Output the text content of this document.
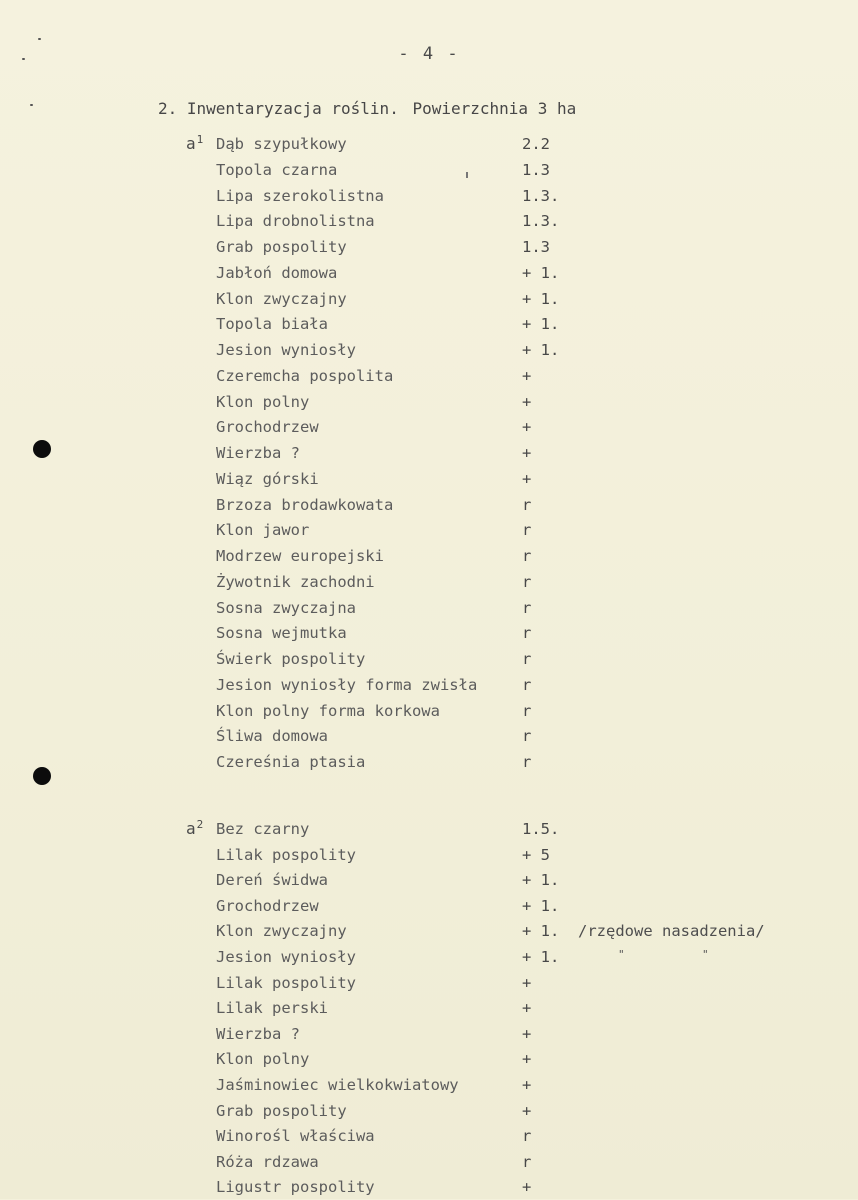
- 4 -
2. Inwentaryzacja roślin. Powierzchnia 3 ha
$a^1$
$a^2$
Dąb szypułkowy	2.2
Topola czarna	1.3
Lipa szerokolistna	1.3.
Lipa drobnolistna	1.3.
Grab pospolity	1.3
Jabłoń domowa	+ 1.
Klon zwyczajny	+ 1.
Topola biała	+ 1.
Jesion wyniosły	+ 1.
Czeremcha pospolita	+
Klon polny	+
Grochodrzew	+
Wierzba ?	+
Wiąz górski	+
Brzoza brodawkowata	r
Klon jawor	r
Modrzew europejski	r
Żywotnik zachodni	r
Sosna zwyczajna	r
Sosna wejmutka	r
Świerk pospolity	r
Jesion wyniosły forma zwisła	r
Klon polny forma korkowa	r
Śliwa domowa	r
Czereśnia ptasia	r
Bez czarny	1.5.
Lilak pospolity	+ 5
Dereń świdwa	+ 1.
Grochodrzew	+ 1.
Klon zwyczajny	+ 1. /rzędowe nasadzenia/
Jesion wyniosły	+ 1.	"	"
Lilak pospolity	+
Lilak perski	+
Wierzba ?	+
Klon polny	+
Jaśminowiec wielkokwiatowy	+
Grab pospolity	+
Winorośl właściwa	r
Róża rdzawa	r
Ligustr pospolity	+
